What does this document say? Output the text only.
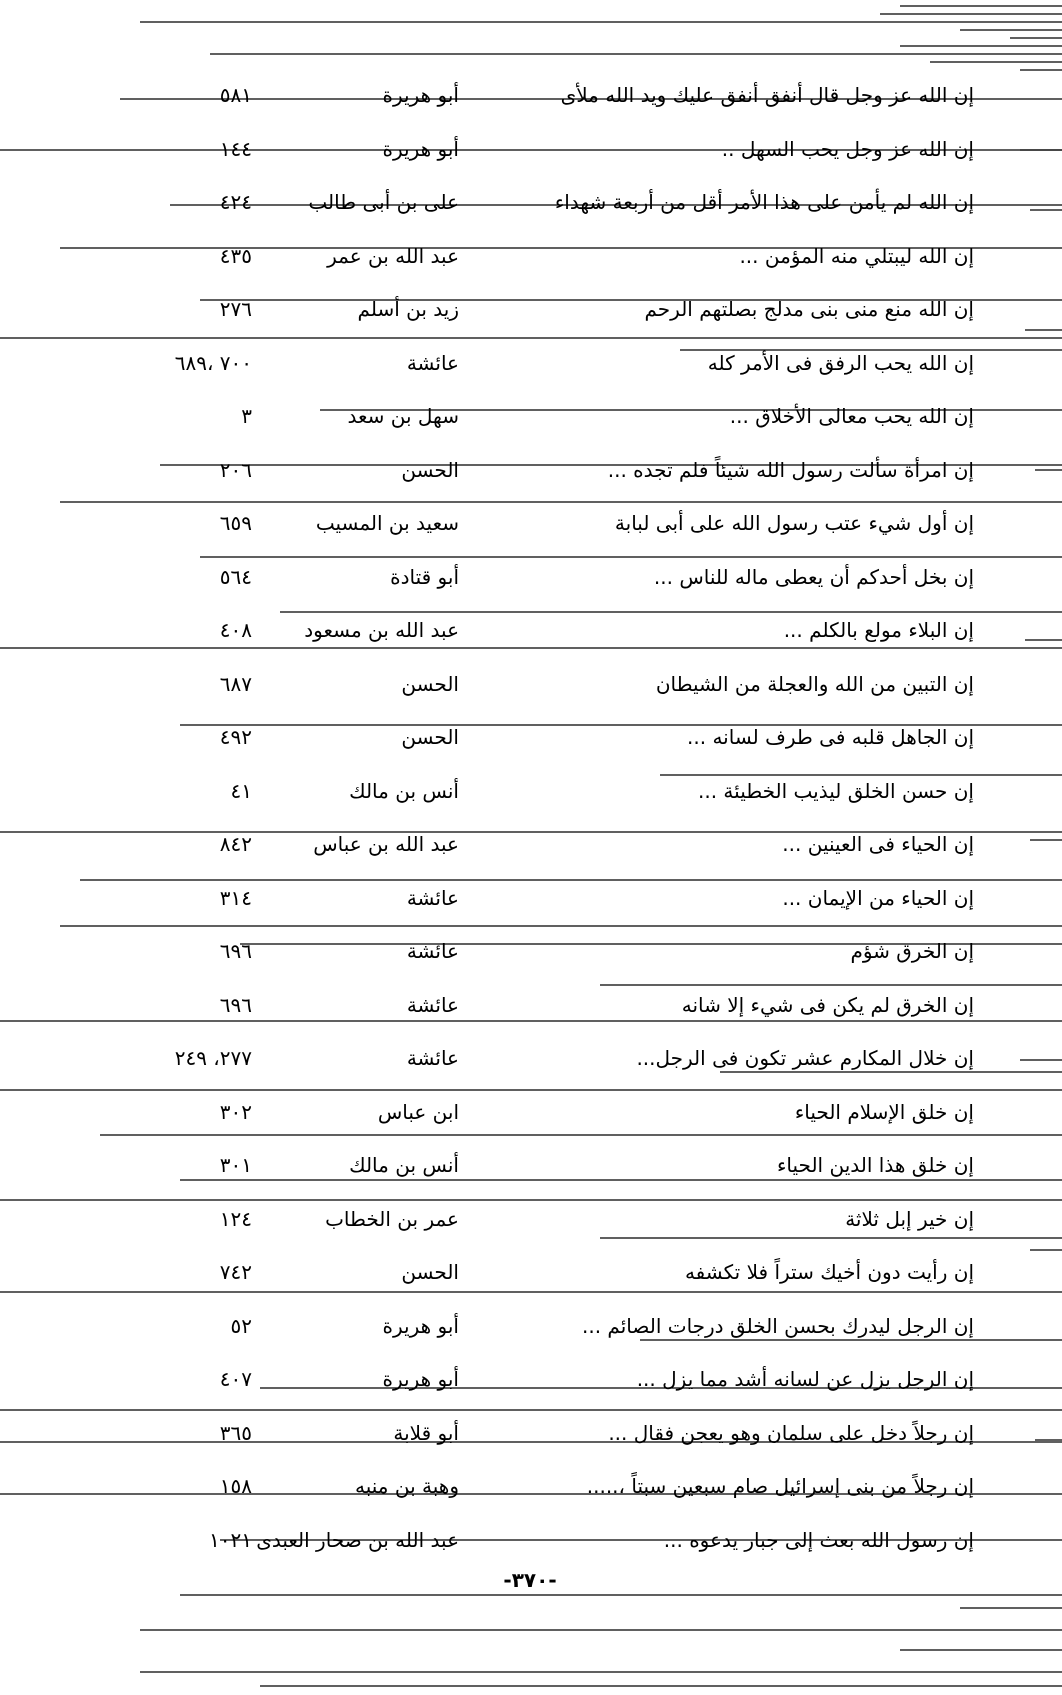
إن الله عز وجل قال أنفق أنفق عليك ويد الله ملأى
أبو هريرة
٥٨١
إن الله عز وجل يحب السهل ..
أبو هريرة
١٤٤
إن الله لم يأمن على هذا الأمر أقل من أربعة شهداء
على بن أبى طالب
٤٢٤
إن الله ليبتلي منه المؤمن ...
عبد الله بن عمر
٤٣٥
إن الله منع منى بنى مدلج بصلتهم الرحم
زيد بن أسلم
٢٧٦
إن الله يحب الرفق فى الأمر كله
عائشة
٧٠٠ ،٦٨٩
إن الله يحب معالى الأخلاق ...
سهل بن سعد
٣
إن امرأة سألت رسول الله شيئاً فلم تجده ...
الحسن
٢٠٦
إن أول شيء عتب رسول الله على أبى لبابة
سعيد بن المسيب
٦٥٩
إن بخل أحدكم أن يعطى ماله للناس ...
أبو قتادة
٥٦٤
إن البلاء مولع بالكلم ...
عبد الله بن مسعود
٤٠٨
إن التبين من الله والعجلة من الشيطان
الحسن
٦٨٧
إن الجاهل قلبه فى طرف لسانه ...
الحسن
٤٩٢
إن حسن الخلق ليذيب الخطيئة ...
أنس بن مالك
٤١
إن الحياء فى العينين ...
عبد الله بن عباس
٨٤٢
إن الحياء من الإيمان ...
عائشة
٣١٤
إن الخرق شؤم
عائشة
٦٩٦
إن الخرق لم يكن فى شيء إلا شانه
عائشة
٦٩٦
إن خلال المكارم عشر تكون فى الرجل...
عائشة
٢٧٧، ٢٤٩
إن خلق الإسلام الحياء
ابن عباس
٣٠٢
إن خلق هذا الدين الحياء
أنس بن مالك
٣٠١
إن خير إبل ثلاثة
عمر بن الخطاب
١٢٤
إن رأيت دون أخيك ستراً فلا تكشفه
الحسن
٧٤٢
إن الرجل ليدرك بحسن الخلق درجات الصائم ...
أبو هريرة
٥٢
إن الرجل يزل عن لسانه أشد مما يزل ...
أبو هريرة
٤٠٧
إن رجلاً دخل على سلمان وهو يعجن فقال ...
أبو قلابة
٣٦٥
إن رجلاً من بنى إسرائيل صام سبعين سبتاً ،.....
وهبة بن منبه
١٥٨
إن رسول الله بعث إلى جبار يدعوه ...
عبد الله بن صحار العبدى
١٠٢١
-٣٧٠-
